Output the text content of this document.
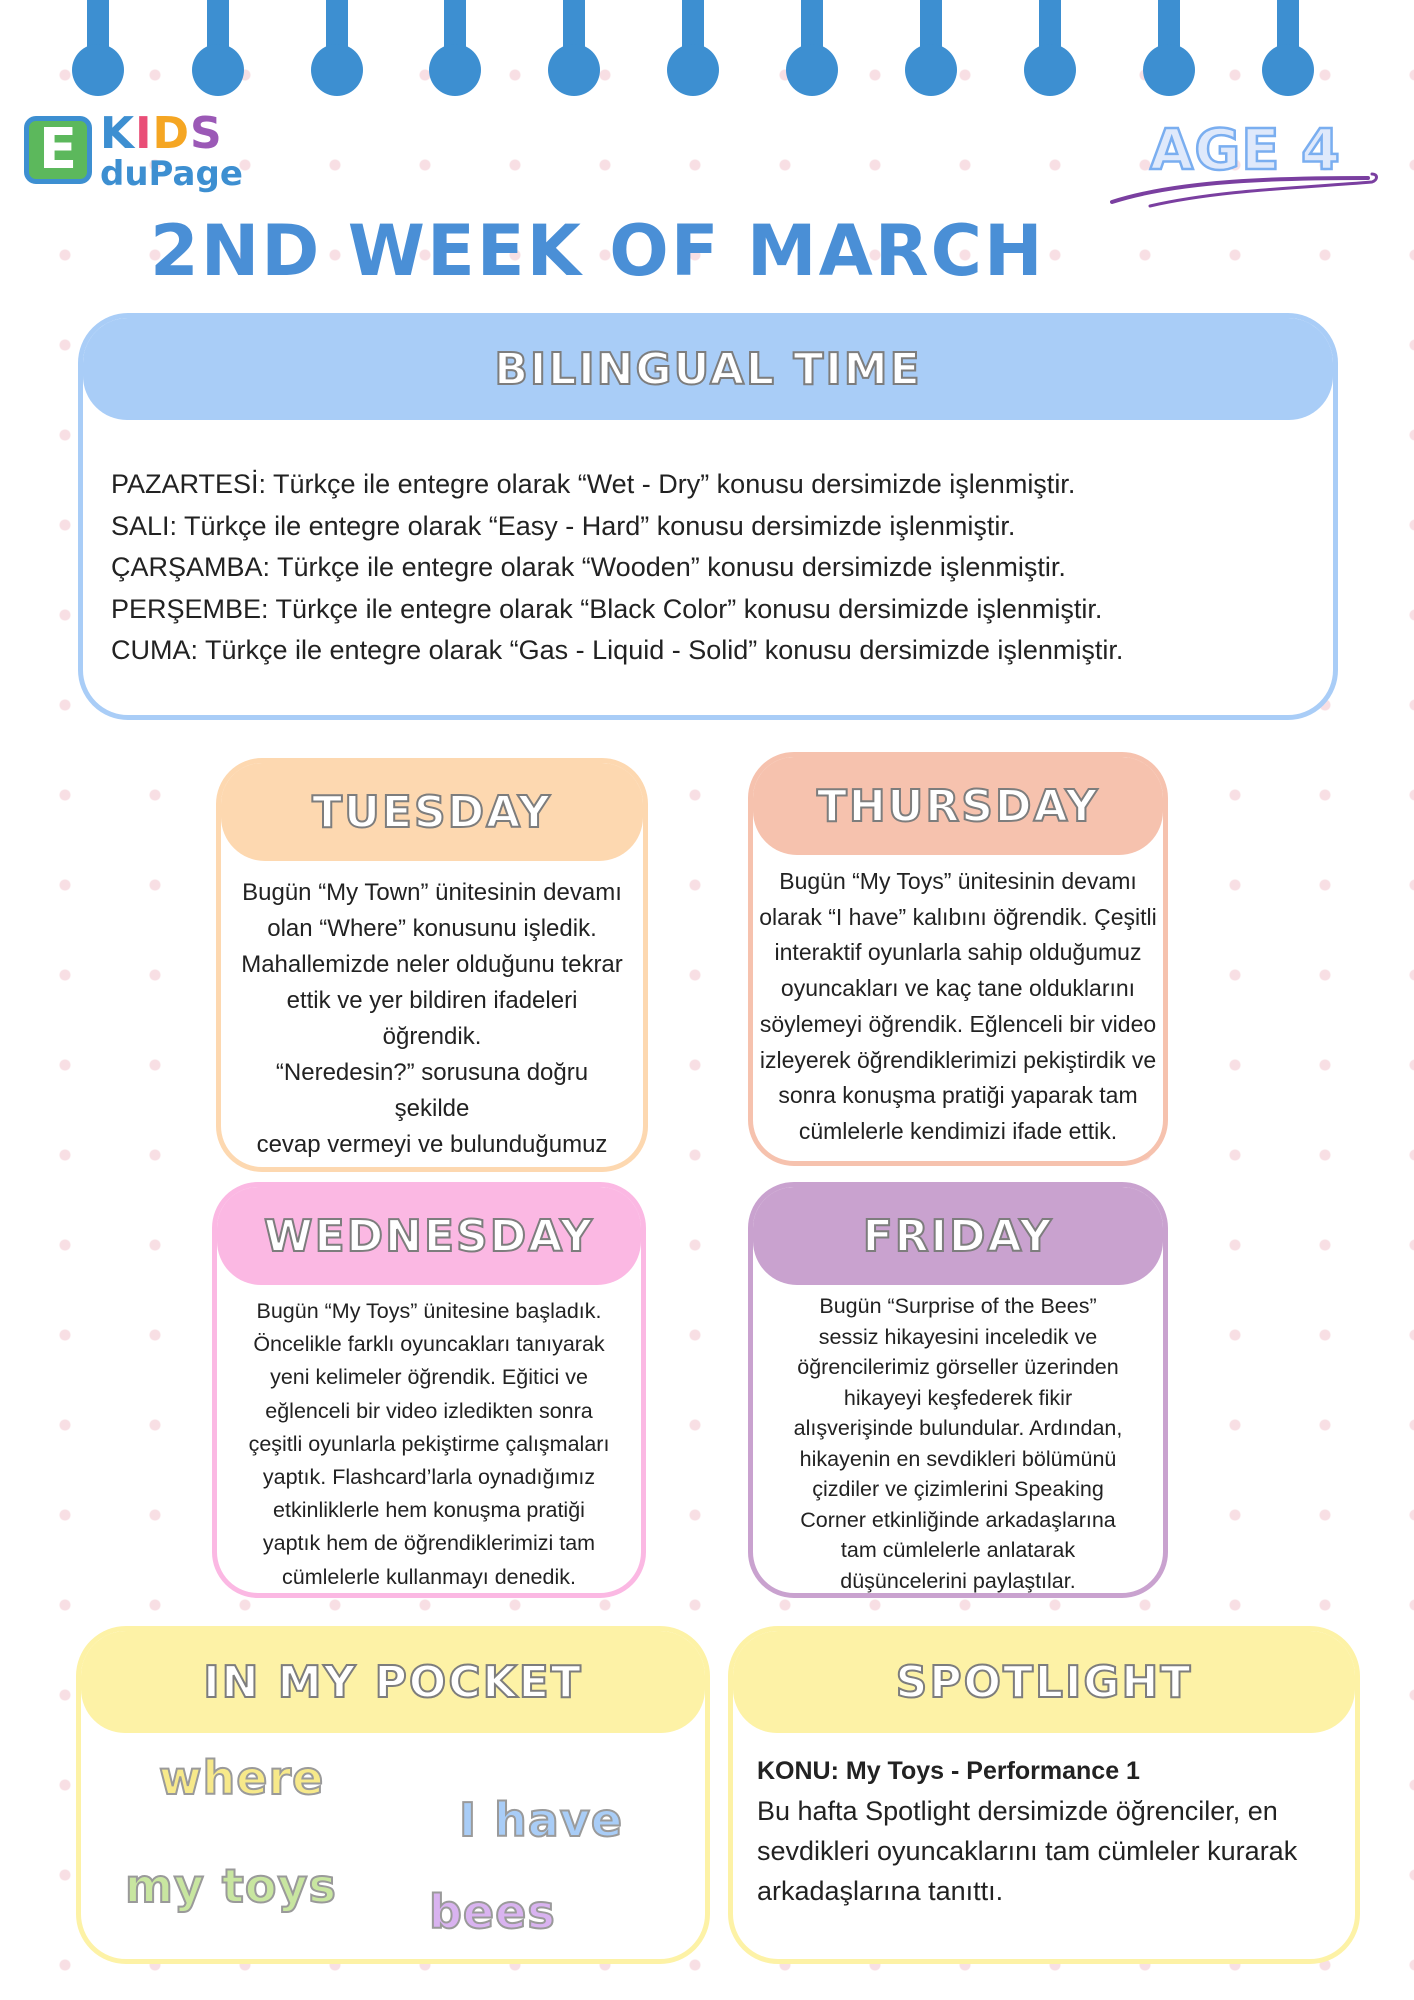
E KIDS
duPage	AGE 4
2ND WEEK OF MARCH
BILINGUAL TIME
PAZARTESİ: Türkçe ile entegre olarak “Wet - Dry” konusu dersimizde işlenmiştir.
SALI: Türkçe ile entegre olarak “Easy - Hard” konusu dersimizde işlenmiştir.
ÇARŞAMBA: Türkçe ile entegre olarak “Wooden” konusu dersimizde işlenmiştir.
PERŞEMBE: Türkçe ile entegre olarak “Black Color” konusu dersimizde işlenmiştir.
CUMA: Türkçe ile entegre olarak “Gas - Liquid - Solid” konusu dersimizde işlenmiştir.
TUESDAY
Bugün “My Town” ünitesinin devamı
olan “Where” konusunu işledik.
Mahallemizde neler olduğunu tekrar
ettik ve yer bildiren ifadeleri öğrendik.
“Neredesin?” sorusuna doğru şekilde
cevap vermeyi ve bulunduğumuz
THURSDAY
Bugün “My Toys” ünitesinin devamı
olarak “I have” kalıbını öğrendik. Çeşitli
interaktif oyunlarla sahip olduğumuz
oyuncakları ve kaç tane olduklarını
söylemeyi öğrendik. Eğlenceli bir video
izleyerek öğrendiklerimizi pekiştirdik ve
sonra konuşma pratiği yaparak tam
cümlelerle kendimizi ifade ettik.
WEDNESDAY
Bugün “My Toys” ünitesine başladık.
Öncelikle farklı oyuncakları tanıyarak
yeni kelimeler öğrendik. Eğitici ve
eğlenceli bir video izledikten sonra
çeşitli oyunlarla pekiştirme çalışmaları
yaptık. Flashcard’larla oynadığımız
etkinliklerle hem konuşma pratiği
yaptık hem de öğrendiklerimizi tam
cümlelerle kullanmayı denedik.
FRIDAY
Bugün “Surprise of the Bees”
sessiz hikayesini inceledik ve
öğrencilerimiz görseller üzerinden
hikayeyi keşfederek fikir
alışverişinde bulundular. Ardından,
hikayenin en sevdikleri bölümünü
çizdiler ve çizimlerini Speaking
Corner etkinliğinde arkadaşlarına
tam cümlelerle anlatarak
düşüncelerini paylaştılar.
IN MY POCKET
where
I have
my toys bees
SPOTLIGHT
KONU: My Toys - Performance 1
Bu hafta Spotlight dersimizde öğrenciler, en
sevdikleri oyuncaklarını tam cümleler kurarak
arkadaşlarına tanıttı.
